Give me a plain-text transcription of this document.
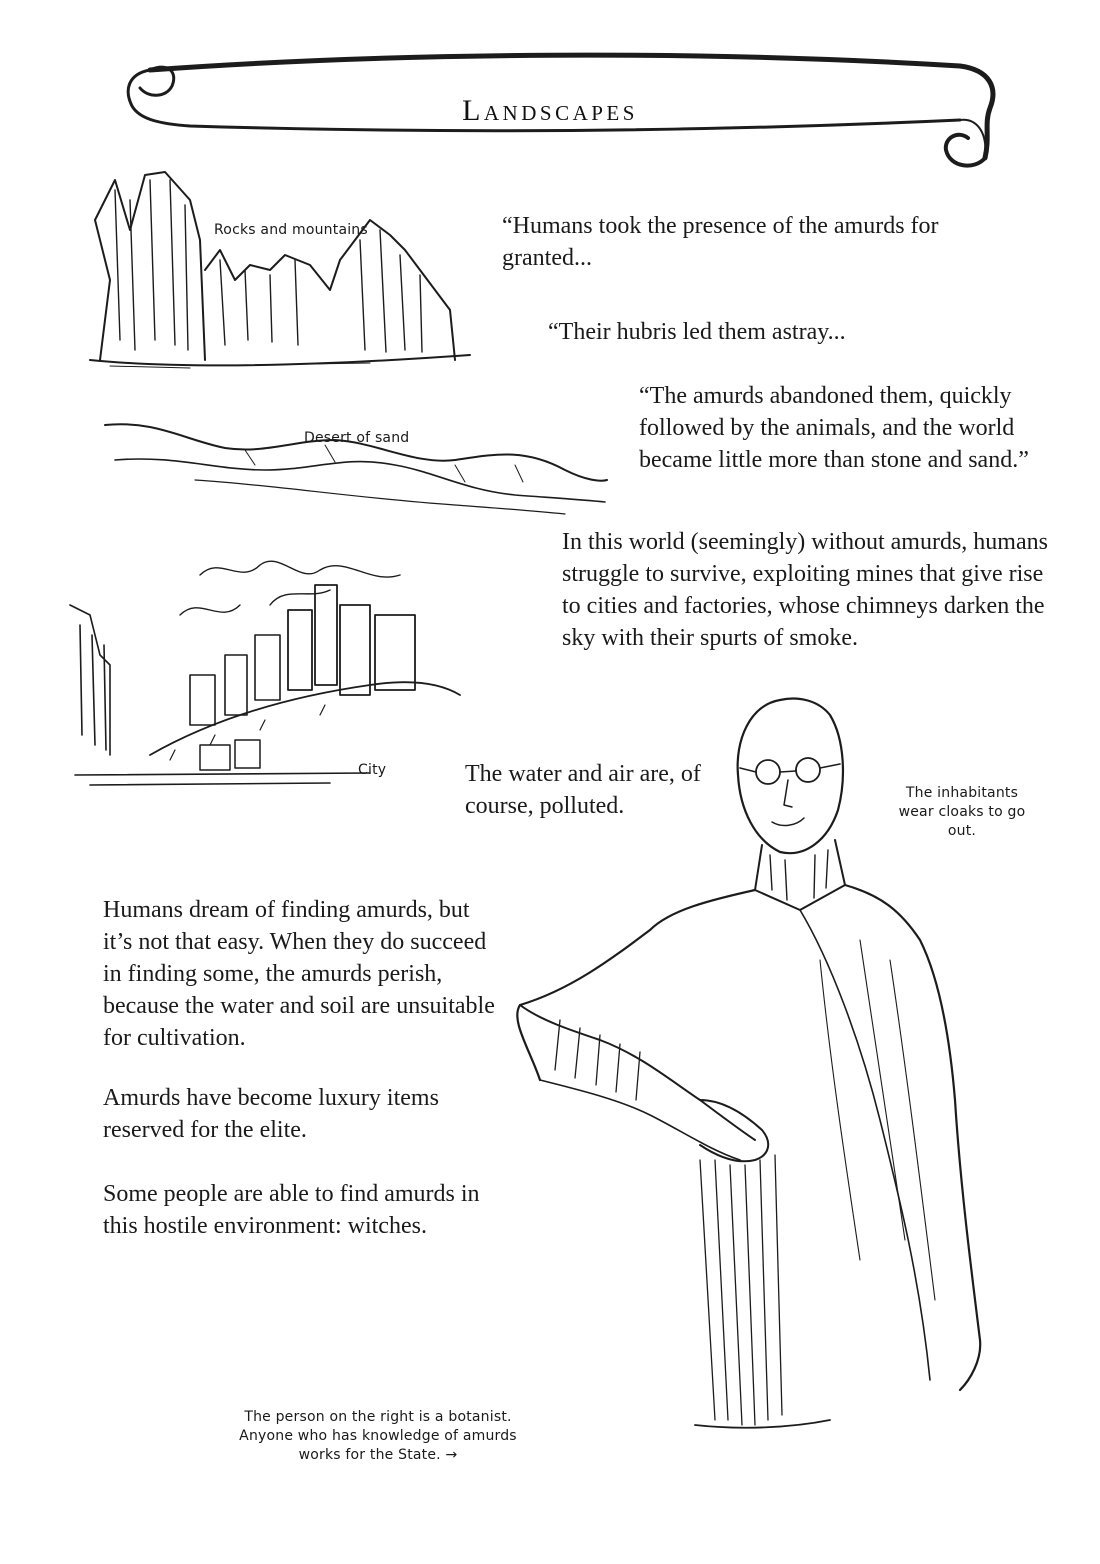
Landscapes
Rocks and mountains
Desert of sand
City
“Humans took the presence of the amurds for granted...
“Their hubris led them astray...
“The amurds abandoned them, quickly followed by the animals, and the world became little more than stone and sand.”
In this world (seemingly) without amurds, humans struggle to survive, exploiting mines that give rise to cities and factories, whose chimneys darken the sky with their spurts of smoke.
The water and air are, of course, polluted.
Humans dream of finding amurds, but it’s not that easy. When they do succeed in finding some, the amurds perish, because the water and soil are unsuitable for cultivation.
Amurds have become luxury items reserved for the elite.
Some people are able to find amurds in this hostile environment: witches.
The inhabitants wear cloaks to go out.
The person on the right is a botanist. Anyone who has knowledge of amurds works for the State. →
